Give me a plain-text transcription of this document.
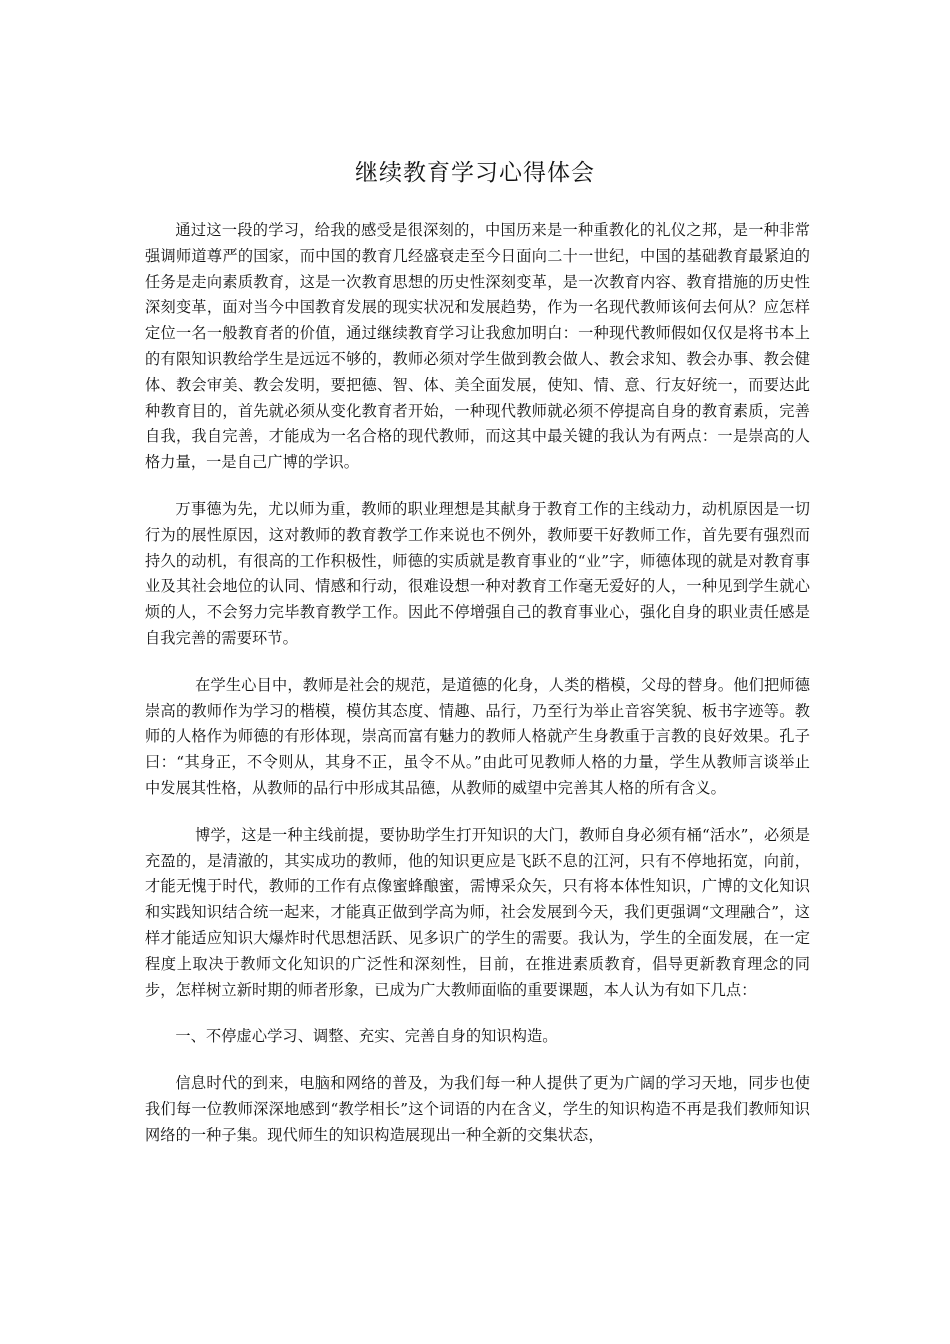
继续教育学习心得体会

通过这一段的学习，给我的感受是很深刻的，中国历来是一种重教化的礼仪之邦，是一种非常强调师道尊严的国家，而中国的教育几经盛衰走至今日面向二十一世纪，中国的基础教育最紧迫的任务是走向素质教育，这是一次教育思想的历史性深刻变革，是一次教育内容、教育措施的历史性深刻变革，面对当今中国教育发展的现实状况和发展趋势，作为一名现代教师该何去何从？应怎样定位一名一般教育者的价值，通过继续教育学习让我愈加明白：一种现代教师假如仅仅是将书本上的有限知识教给学生是远远不够的，教师必须对学生做到教会做人、教会求知、教会办事、教会健体、教会审美、教会发明，要把德、智、体、美全面发展，使知、情、意、行友好统一，而要达此种教育目的，首先就必须从变化教育者开始，一种现代教师就必须不停提高自身的教育素质，完善自我，我自完善，才能成为一名合格的现代教师，而这其中最关键的我认为有两点：一是崇高的人格力量，一是自己广博的学识。

万事德为先，尤以师为重，教师的职业理想是其献身于教育工作的主线动力，动机原因是一切行为的展性原因，这对教师的教育教学工作来说也不例外，教师要干好教师工作，首先要有强烈而持久的动机，有很高的工作积极性，师德的实质就是教育事业的“业”字，师德体现的就是对教育事业及其社会地位的认同、情感和行动，很难设想一种对教育工作毫无爱好的人，一种见到学生就心烦的人，不会努力完毕教育教学工作。因此不停增强自己的教育事业心，强化自身的职业责任感是自我完善的需要环节。

在学生心目中，教师是社会的规范，是道德的化身，人类的楷模，父母的替身。他们把师德崇高的教师作为学习的楷模，模仿其态度、情趣、品行，乃至行为举止音容笑貌、板书字迹等。教师的人格作为师德的有形体现，崇高而富有魅力的教师人格就产生身教重于言教的良好效果。孔子曰：“其身正，不令则从，其身不正，虽令不从。”由此可见教师人格的力量，学生从教师言谈举止中发展其性格，从教师的品行中形成其品德，从教师的威望中完善其人格的所有含义。

博学，这是一种主线前提，要协助学生打开知识的大门，教师自身必须有桶“活水”，必须是充盈的，是清澈的，其实成功的教师，他的知识更应是飞跃不息的江河，只有不停地拓宽，向前，才能无愧于时代，教师的工作有点像蜜蜂酿蜜，需博采众矢，只有将本体性知识，广博的文化知识和实践知识结合统一起来，才能真正做到学高为师，社会发展到今天，我们更强调“文理融合”，这样才能适应知识大爆炸时代思想活跃、见多识广的学生的需要。我认为，学生的全面发展，在一定程度上取决于教师文化知识的广泛性和深刻性，目前，在推进素质教育，倡导更新教育理念的同步，怎样树立新时期的师者形象，已成为广大教师面临的重要课题，本人认为有如下几点：

一、不停虚心学习、调整、充实、完善自身的知识构造。

信息时代的到来，电脑和网络的普及，为我们每一种人提供了更为广阔的学习天地，同步也使我们每一位教师深深地感到“教学相长”这个词语的内在含义，学生的知识构造不再是我们教师知识网络的一种子集。现代师生的知识构造展现出一种全新的交集状态，
